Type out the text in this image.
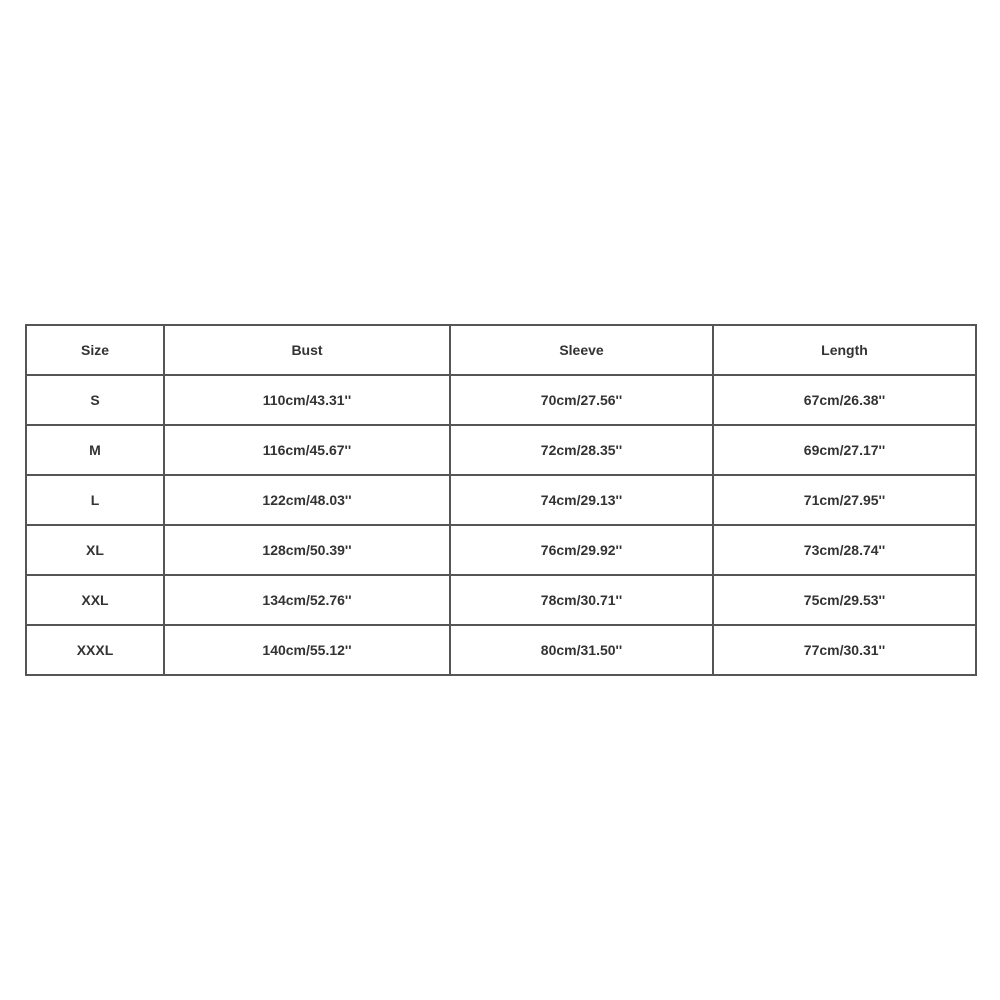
Size	Bust	Sleeve	Length
S	110cm/43.31''	70cm/27.56''	67cm/26.38''
M	116cm/45.67''	72cm/28.35''	69cm/27.17''
L	122cm/48.03''	74cm/29.13''	71cm/27.95''
XL	128cm/50.39''	76cm/29.92''	73cm/28.74''
XXL	134cm/52.76''	78cm/30.71''	75cm/29.53''
XXXL	140cm/55.12''	80cm/31.50''	77cm/30.31''
